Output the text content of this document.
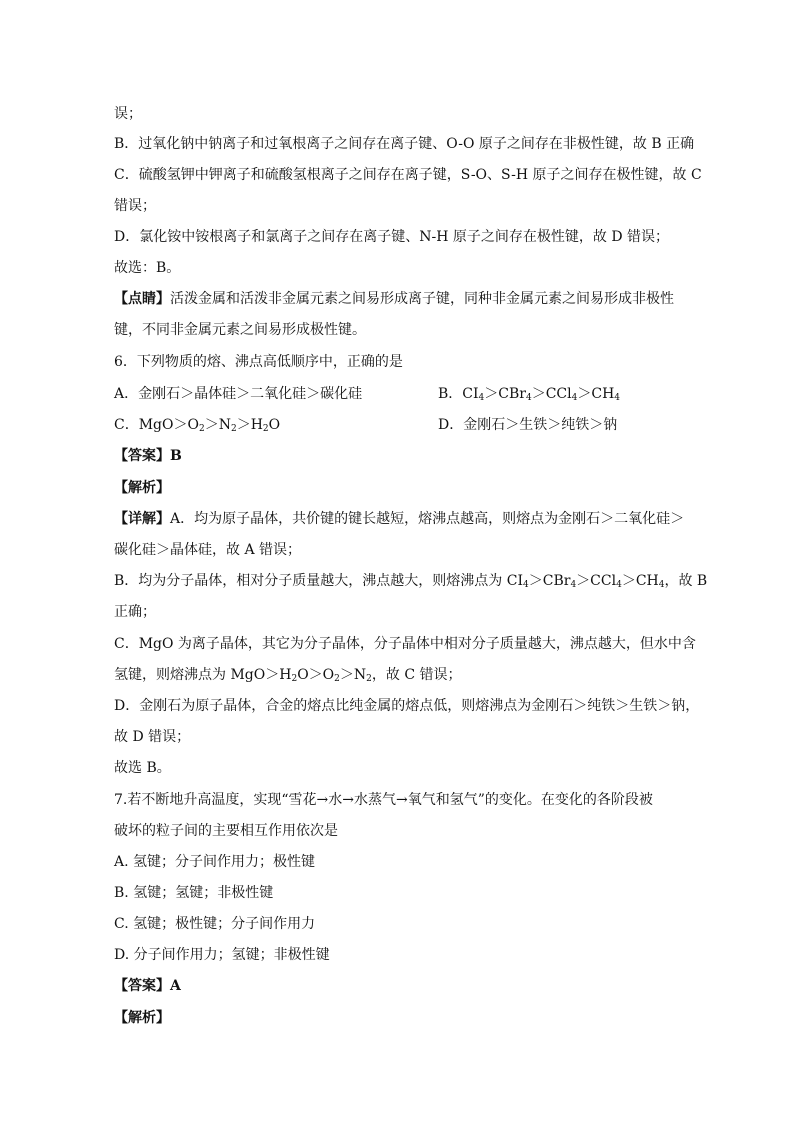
误；
B．过氧化钠中钠离子和过氧根离子之间存在离子键、O-O 原子之间存在非极性键，故 B 正确
C．硫酸氢钾中钾离子和硫酸氢根离子之间存在离子键，S-O、S-H 原子之间存在极性键，故 C
错误；
D．氯化铵中铵根离子和氯离子之间存在离子键、N-H 原子之间存在极性键，故 D 错误；
故选：B。
【点睛】活泼金属和活泼非金属元素之间易形成离子键，同种非金属元素之间易形成非极性
键，不同非金属元素之间易形成极性键。
6．下列物质的熔、沸点高低顺序中，正确的是
A．金刚石＞晶体硅＞二氧化硅＞碳化硅	B．$CI_4>CBr_4>CCl_4>CH_4$
C．$MgO>O_2>N_2>H_2O$	D．金刚石＞生铁＞纯铁＞钠
【答案】B
【解析】
【详解】A．均为原子晶体，共价键的键长越短，熔沸点越高，则熔点为金刚石＞二氧化硅＞
碳化硅＞晶体硅，故 A 错误；
B．均为分子晶体，相对分子质量越大，沸点越大，则熔沸点为 $CI_4>CBr_4>CCl_4>CH_4$，故 B
正确；
C．MgO 为离子晶体，其它为分子晶体，分子晶体中相对分子质量越大，沸点越大，但水中含
氢键，则熔沸点为 $MgO>H_2O>O_2>N_2$，故 C 错误；
D．金刚石为原子晶体，合金的熔点比纯金属的熔点低，则熔沸点为金刚石＞纯铁＞生铁＞钠，
故 D 错误；
故选 B。
7.若不断地升高温度，实现“雪花→水→水蒸气→氧气和氢气”的变化。在变化的各阶段被
破坏的粒子间的主要相互作用依次是
A. 氢键；分子间作用力；极性键
B. 氢键；氢键；非极性键
C. 氢键；极性键；分子间作用力
D. 分子间作用力；氢键；非极性键
【答案】A
【解析】
